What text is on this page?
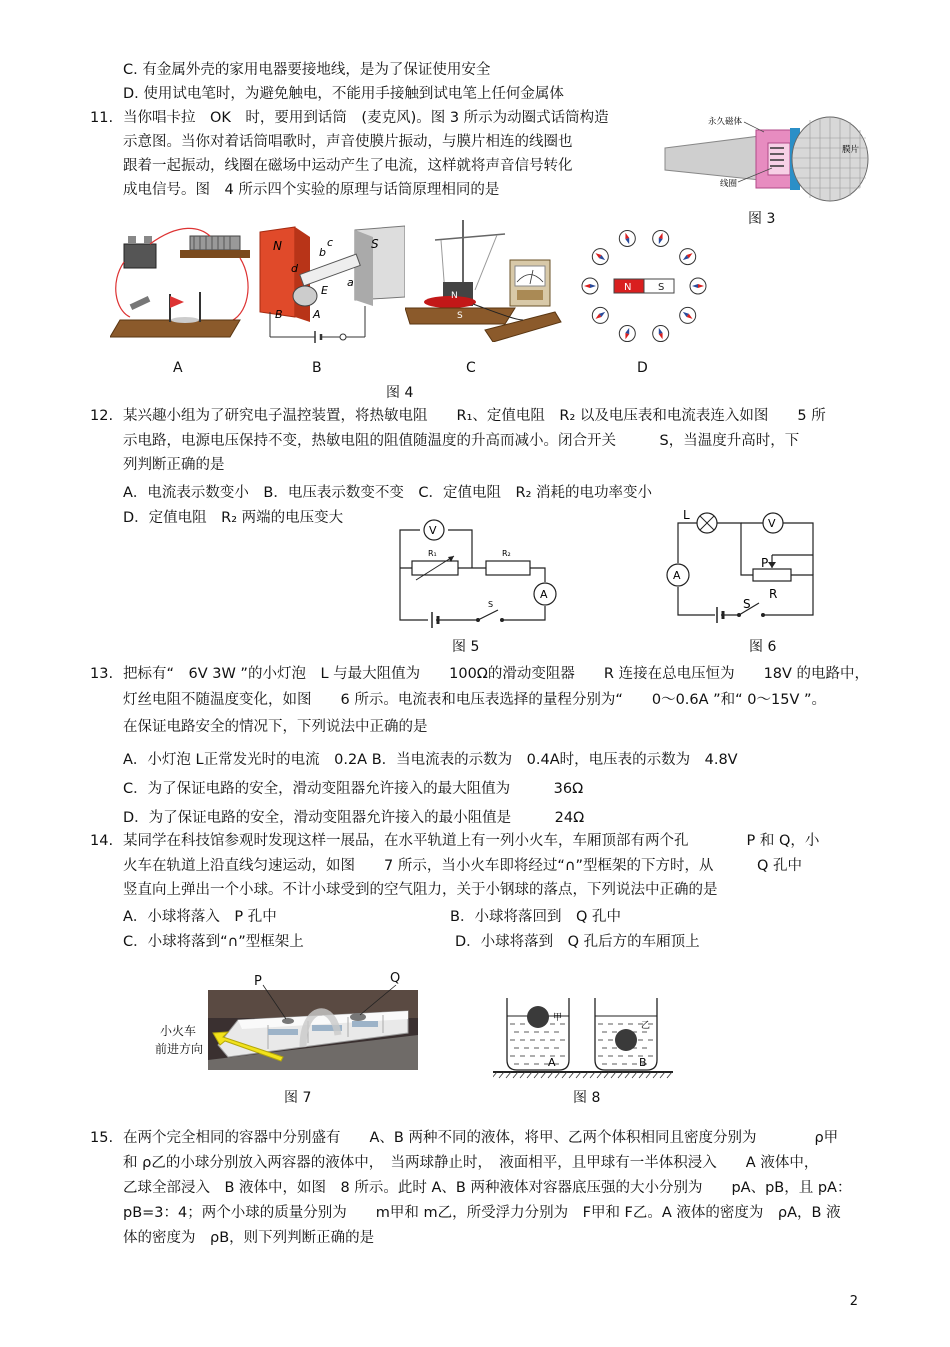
C. 有金属外壳的家用电器要接地线，是为了保证使用安全
D. 使用试电笔时，为避免触电，不能用手接触到试电笔上任何金属体
11. 当你唱卡拉　OK　时，要用到话筒　(麦克风)。图 3 所示为动圈式话筒构造
示意图。当你对着话筒唱歌时，声音使膜片振动，与膜片相连的线圈也
跟着一起振动，线圈在磁场中运动产生了电流，这样就将声音信号转化
成电信号。图　4 所示四个实验的原理与话筒原理相同的是
永久磁体
膜片
线圈
图 3
N	c
b
S
a
d
E
B	A
N
S
N	S
A	B	C	D
图 4
12. 某兴趣小组为了研究电子温控装置，将热敏电阻　　R₁、定值电阻　R₂ 以及电压表和电流表连入如图　　5 所
示电路，电源电压保持不变，热敏电阻的阻值随温度的升高而减小。闭合开关　　　S，当温度升高时，下
列判断正确的是
A．电流表示数变小　B．电压表示数变不变　C．定值电阻　R₂ 消耗的电功率变小
D．定值电阻　R₂ 两端的电压变大
V
R₁	R₂
A
S
图 5
L
V
A
P
R
S
图 6
13. 把标有“　6V 3W ”的小灯泡　L 与最大阻值为　　100Ω的滑动变阻器　　R 连接在总电压恒为　　18V 的电路中，
灯丝电阻不随温度变化，如图　　6 所示。电流表和电压表选择的量程分别为“　　0～0.6A ”和“ 0～15V ”。
在保证电路安全的情况下，下列说法中正确的是
A．小灯泡 L正常发光时的电流　0.2A B．当电流表的示数为　0.4A时，电压表的示数为　4.8V
C．为了保证电路的安全，滑动变阻器允许接入的最大阻值为　　　36Ω
D．为了保证电路的安全，滑动变阻器允许接入的最小阻值是　　　24Ω
14. 某同学在科技馆参观时发现这样一展品，在水平轨道上有一列小火车，车厢顶部有两个孔　　　　P 和 Q，小
火车在轨道上沿直线匀速运动，如图　　7 所示，当小火车即将经过“∩”型框架的下方时，从　　　Q 孔中
竖直向上弹出一个小球。不计小球受到的空气阻力，关于小钢球的落点，下列说法中正确的是
A．小球将落入　P 孔中	B．小球将落回到　Q 孔中
C．小球将落到“∩”型框架上	D．小球将落到　Q 孔后方的车厢顶上
P	Q
小火车
前进方向
图 7
甲
乙
A	B
图 8
15. 在两个完全相同的容器中分别盛有　　A、B 两种不同的液体，将甲、乙两个体积相同且密度分别为　　　　ρ甲
和 ρ乙的小球分别放入两容器的液体中，　当两球静止时，　液面相平，且甲球有一半体积浸入　　A 液体中，
乙球全部浸入　B 液体中，如图　8 所示。此时 A、B 两种液体对容器底压强的大小分别为　　pA、pB，且 pA：
pB=3：4；两个小球的质量分别为　　m甲和 m乙，所受浮力分别为　F甲和 F乙。A 液体的密度为　ρA，B 液
体的密度为　ρB，则下列判断正确的是
2
